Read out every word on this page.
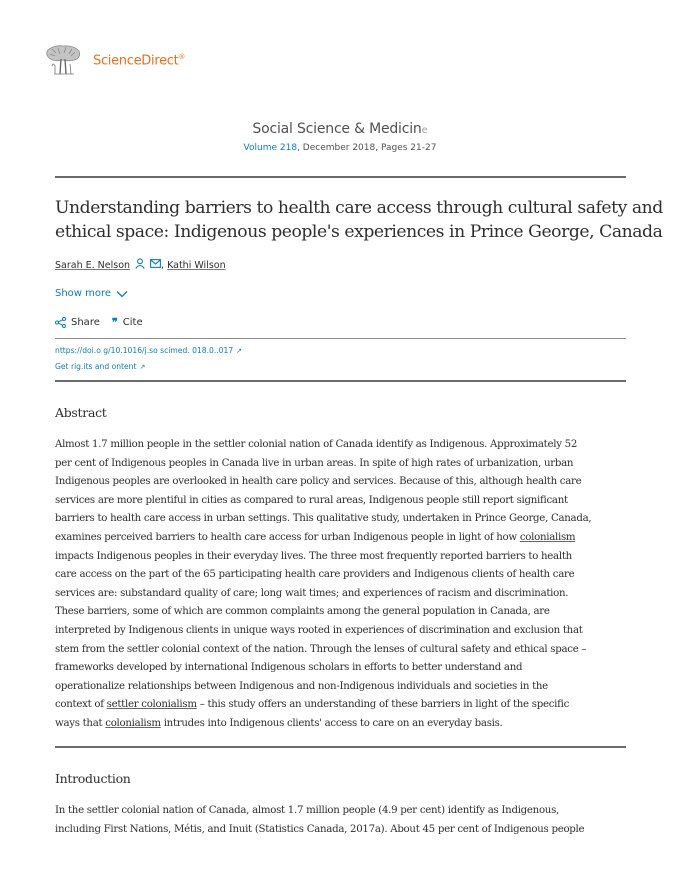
ScienceDirect®
Social Science & Medicine
Volume 218, December 2018, Pages 21-27
Understanding barriers to health care access through cultural safety and
ethical space: Indigenous people's experiences in Prince George, Canada
Sarah E. Nelson	, Kathi Wilson
Show more
Share ❞ Cite
nttps://doi.o g/10.1016/j.so scimed. 018.0..017 ↗
Get rig.its and ontent ↗
Abstract
Almost 1.7 million people in the settler colonial nation of Canada identify as Indigenous. Approximately 52
per cent of Indigenous peoples in Canada live in urban areas. In spite of high rates of urbanization, urban
Indigenous peoples are overlooked in health care policy and services. Because of this, although health care
services are more plentiful in cities as compared to rural areas, Indigenous people still report significant
barriers to health care access in urban settings. This qualitative study, undertaken in Prince George, Canada,
examines perceived barriers to health care access for urban Indigenous people in light of how colonialism
impacts Indigenous peoples in their everyday lives. The three most frequently reported barriers to health
care access on the part of the 65 participating health care providers and Indigenous clients of health care
services are: substandard quality of care; long wait times; and experiences of racism and discrimination.
These barriers, some of which are common complaints among the general population in Canada, are
interpreted by Indigenous clients in unique ways rooted in experiences of discrimination and exclusion that
stem from the settler colonial context of the nation. Through the lenses of cultural safety and ethical space –
frameworks developed by international Indigenous scholars in efforts to better understand and
operationalize relationships between Indigenous and non-Indigenous individuals and societies in the
context of settler colonialism – this study offers an understanding of these barriers in light of the specific
ways that colonialism intrudes into Indigenous clients' access to care on an everyday basis.
Introduction
In the settler colonial nation of Canada, almost 1.7 million people (4.9 per cent) identify as Indigenous,
including First Nations, Métis, and Inuit (Statistics Canada, 2017a). About 45 per cent of Indigenous people
